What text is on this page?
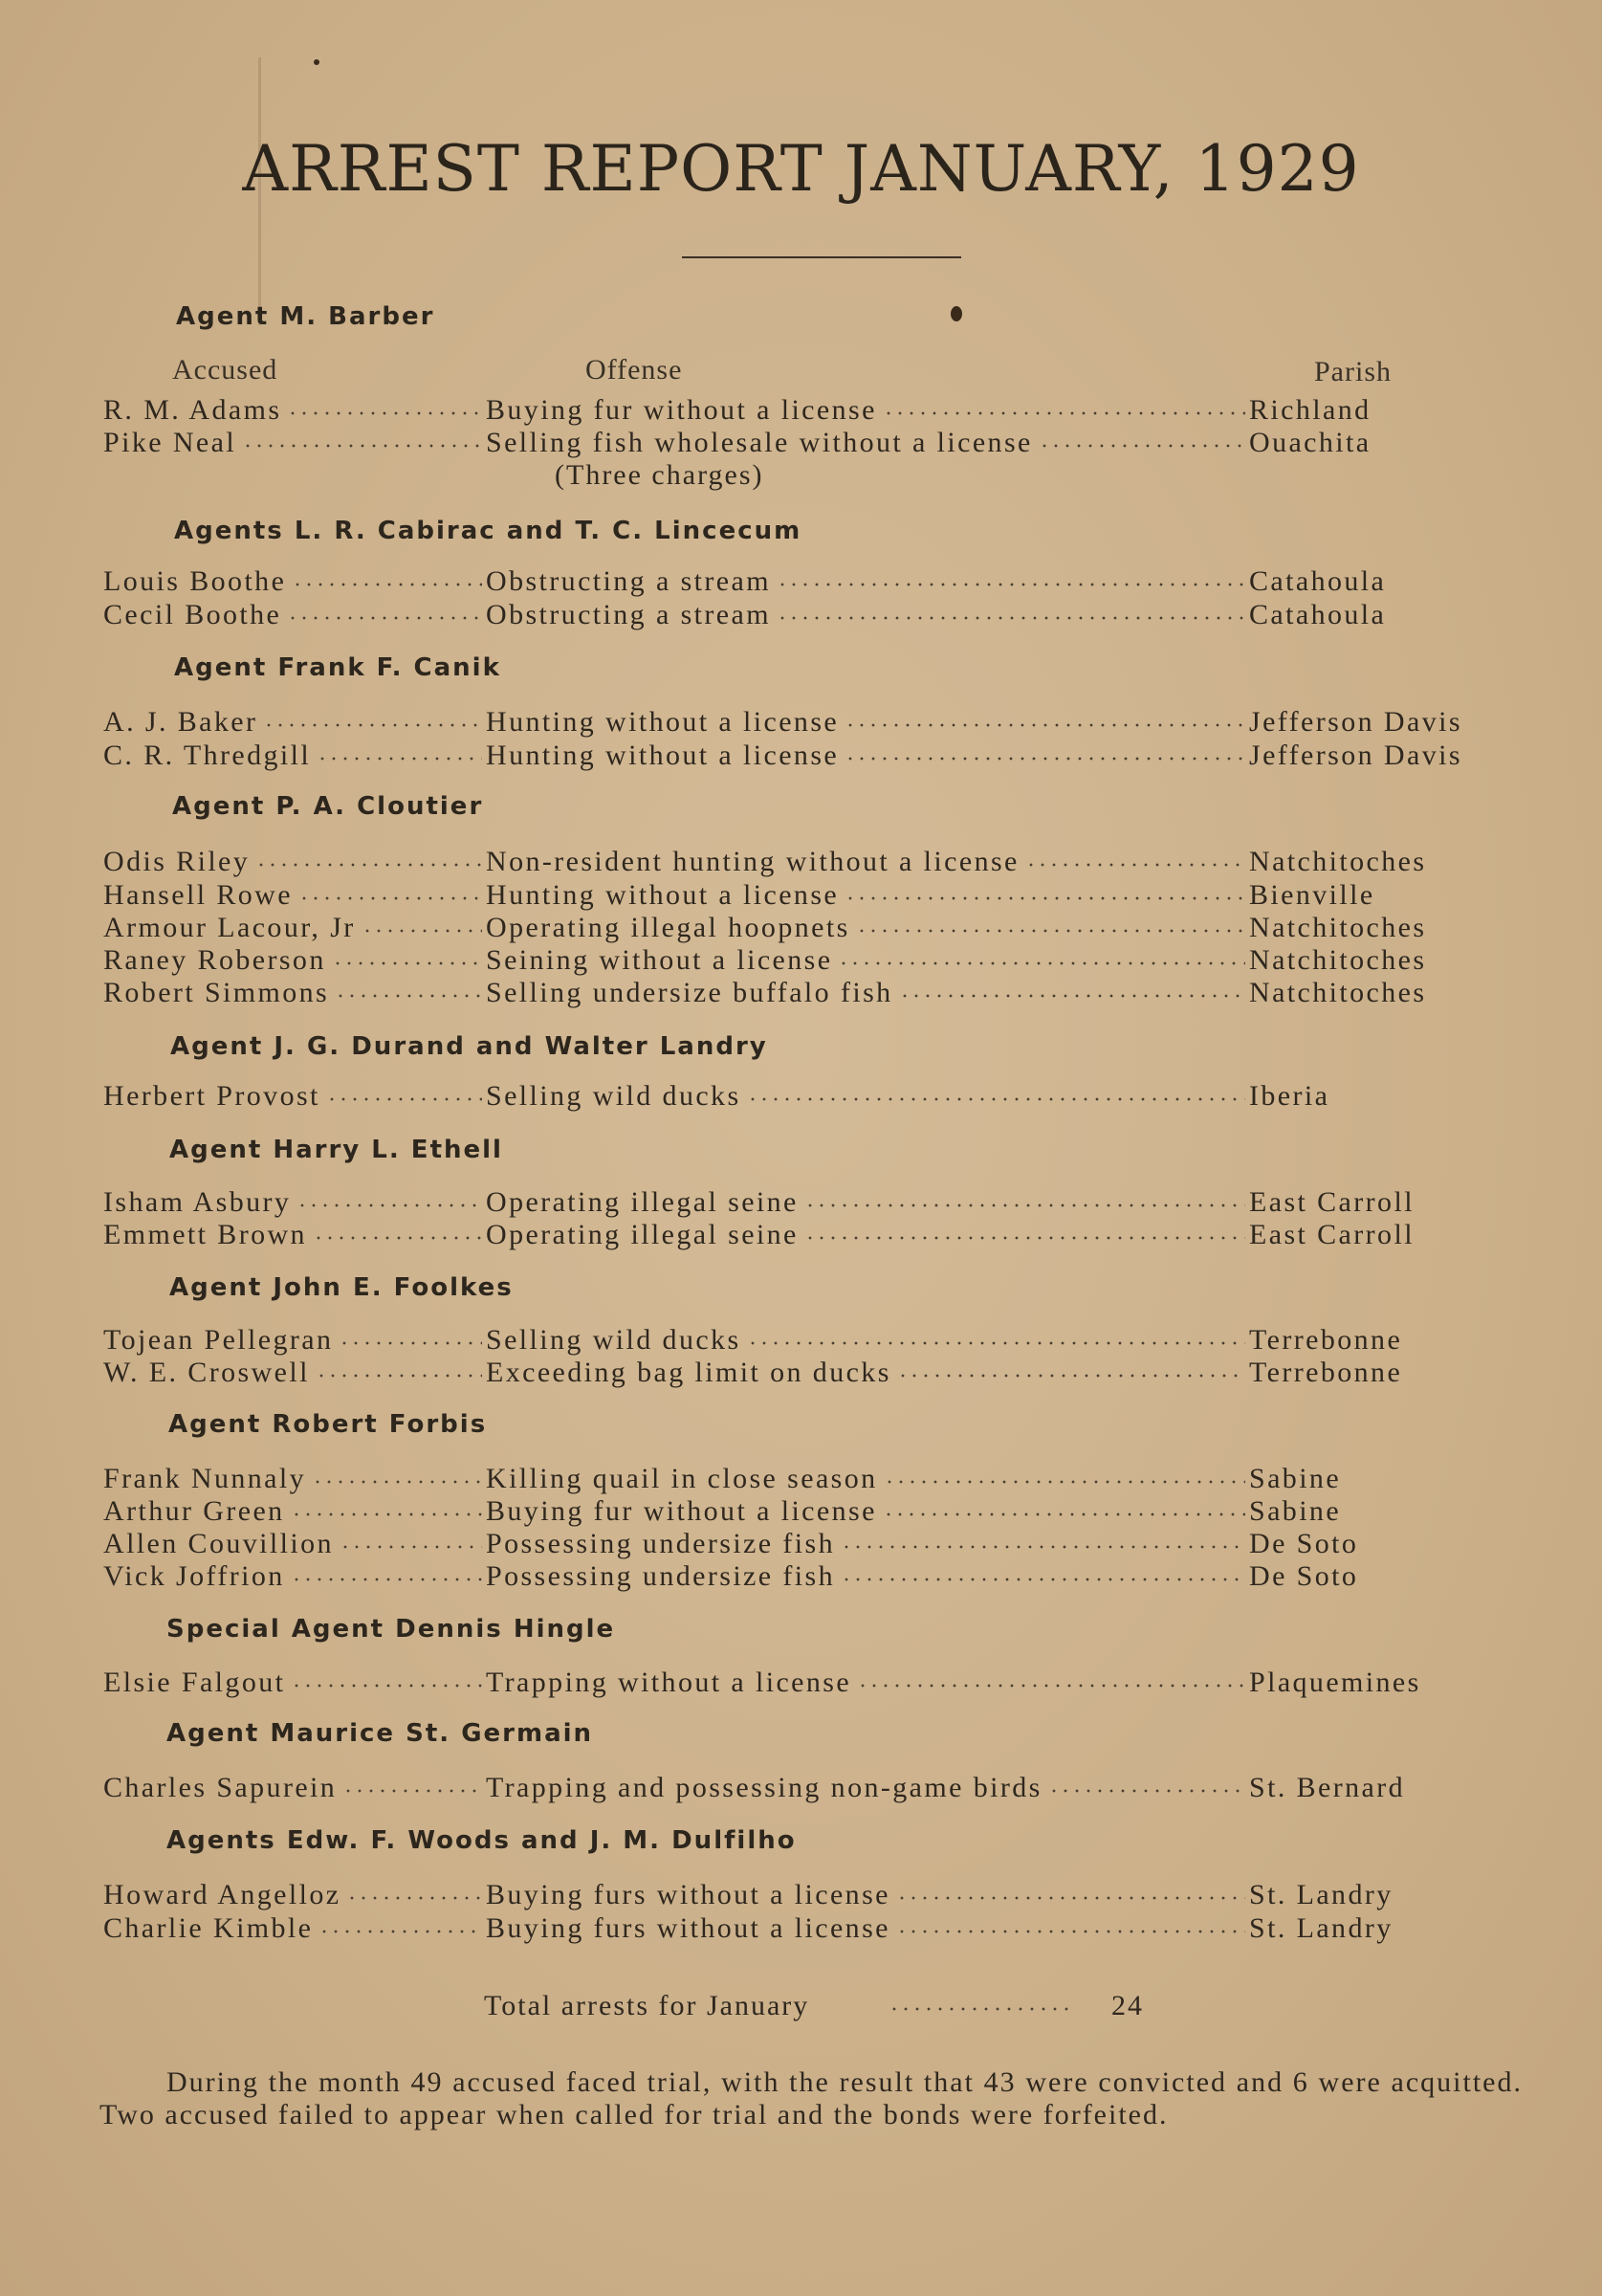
ARREST REPORT JANUARY, 1929
Accused	Offense	Parish
Agent M. Barber
R. M. Adams	Buying fur without a license	Richland
Pike Neal	Selling fish wholesale without a license	Ouachita
(Three charges)
Agents L. R. Cabirac and T. C. Lincecum
Louis Boothe	Obstructing a stream	Catahoula
Cecil Boothe	Obstructing a stream	Catahoula
Agent Frank F. Canik
A. J. Baker	Hunting without a license	Jefferson Davis
C. R. Thredgill	Hunting without a license	Jefferson Davis
Agent P. A. Cloutier
Odis Riley	Non-resident hunting without a license	Natchitoches
Hansell Rowe	Hunting without a license	Bienville
Armour Lacour, Jr	Operating illegal hoopnets	Natchitoches
Raney Roberson	Seining without a license	Natchitoches
Robert Simmons	Selling undersize buffalo fish	Natchitoches
Agent J. G. Durand and Walter Landry
Herbert Provost	Selling wild ducks	Iberia
Agent Harry L. Ethell
Isham Asbury	Operating illegal seine	East Carroll
Emmett Brown	Operating illegal seine	East Carroll
Agent John E. Foolkes
Tojean Pellegran	Selling wild ducks	Terrebonne
W. E. Croswell	Exceeding bag limit on ducks	Terrebonne
Agent Robert Forbis
Frank Nunnaly	Killing quail in close season	Sabine
Arthur Green	Buying fur without a license	Sabine
Allen Couvillion	Possessing undersize fish	De Soto
Vick Joffrion	Possessing undersize fish	De Soto
Special Agent Dennis Hingle
Elsie Falgout	Trapping without a license	Plaquemines
Agent Maurice St. Germain
Charles Sapurein	Trapping and possessing non-game birds	St. Bernard
Agents Edw. F. Woods and J. M. Dulfilho
Howard Angelloz	Buying furs without a license	St. Landry
Charlie Kimble	Buying furs without a license	St. Landry
Total arrests for January	24

During the month 49 accused faced trial, with the result that 43 were convicted and 6 were acquitted. Two accused failed to appear when called for trial and the bonds were forfeited.
